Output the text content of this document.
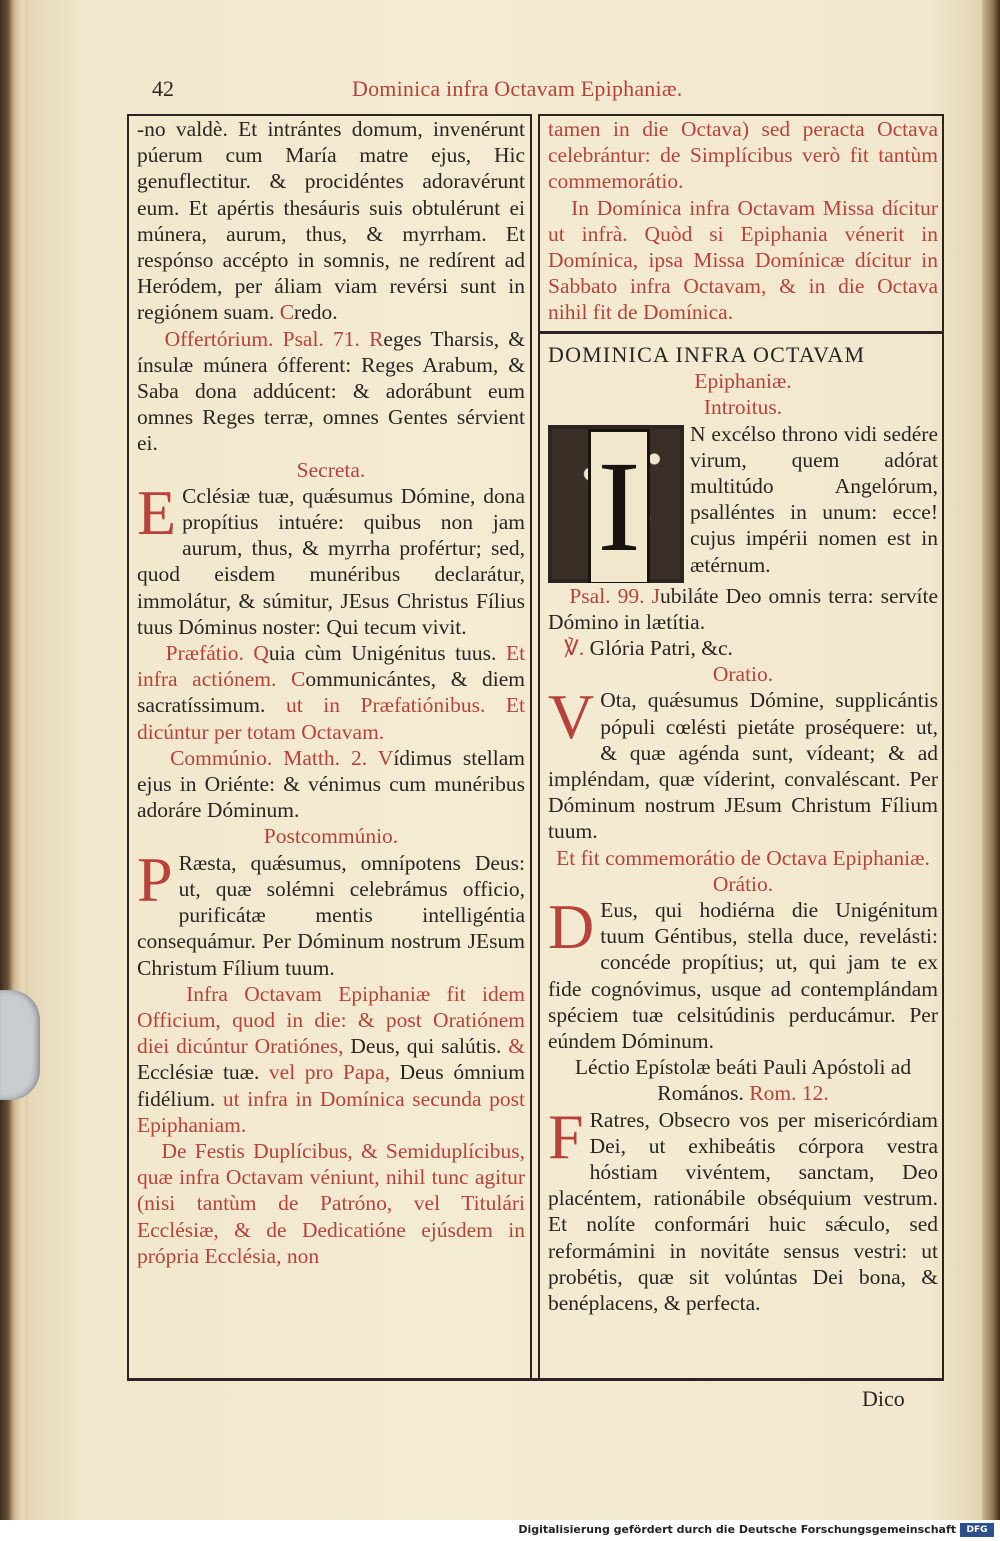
42	Dominica infra Octavam Epiphaniæ.

-no valdè. Et intrántes domum, invenérunt púerum cum María matre ejus, Hic genuflectitur. & procidéntes adoravérunt eum. Et apértis thesáuris suis obtulérunt ei múnera, aurum, thus, & myrrham. Et respónso accépto in somnis, ne redírent ad Heródem, per áliam viam revérsi sunt in regiónem suam. Credo.

Offertórium. Psal. 71. Reges Tharsis, & ínsulæ múnera ófferent: Reges Arabum, & Saba dona addúcent: & adorábunt eum omnes Reges terræ, omnes Gentes sérvient ei.

Secreta.

E Cclésiæ tuæ, quǽsumus Dómine, dona propítius intuére: quibus non jam aurum, thus, & myrrha profértur; sed, quod eisdem munéribus declarátur, immolátur, & súmitur, JEsus Christus Fílius tuus Dóminus noster: Qui tecum vivit.

Præfátio. Quia cùm Unigénitus tuus. Et infra actiónem. Communicántes, & diem sacratíssimum. ut in Præfatiónibus. Et dicúntur per totam Octavam.

Commúnio. Matth. 2. Vídimus stellam ejus in Oriénte: & vénimus cum munéribus adoráre Dóminum.

Postcommúnio.

P Ræsta, quǽsumus, omnípotens Deus: ut, quæ solémni celebrámus officio, purificátæ mentis intelligéntia consequámur. Per Dóminum nostrum JEsum Christum Fílium tuum.

Infra Octavam Epiphaniæ fit idem Officium, quod in die: & post Oratiónem diei dicúntur Oratiónes, Deus, qui salútis. & Ecclésiæ tuæ. vel pro Papa, Deus ómnium fidélium. ut infra in Domínica secunda post Epiphaniam.

De Festis Duplícibus, & Semiduplícibus, quæ infra Octavam véniunt, nihil tunc agitur (nisi tantùm de Patróno, vel Titulári Ecclésiæ, & de Dedicatióne ejúsdem in própria Ecclésia, non

tamen in die Octava) sed peracta Octava celebrántur: de Simplícibus verò fit tantùm commemorátio.

In Domínica infra Octavam Missa dícitur ut infrà. Quòd si Epiphania vénerit in Domínica, ipsa Missa Domínicæ dícitur in Sabbato infra Octavam, & in die Octava nihil fit de Domínica.

DOMINICA INFRA OCTAVAM

Epiphaniæ.

Introitus.

I
N excélso throno vidi sedére virum, quem adórat multitúdo Angelórum, psalléntes in unum: ecce! cujus impérii nomen est in ætérnum.

Psal. 99. Jubiláte Deo omnis terra: servíte Dómino in lætítia.

℣. Glória Patri, &c.

Oratio.

V Ota, quǽsumus Dómine, supplicántis pópuli cœlésti pietáte proséquere: ut, & quæ agénda sunt, vídeant; & ad impléndam, quæ víderint, convaléscant. Per Dóminum nostrum JEsum Christum Fílium tuum.

Et fit commemorátio de Octava Epiphaniæ.

Orátio.

D Eus, qui hodiérna die Unigénitum tuum Géntibus, stella duce, revelásti: concéde propítius; ut, qui jam te ex fide cognóvimus, usque ad contemplándam spéciem tuæ celsitúdinis perducámur. Per eúndem Dóminum.

Léctio Epístolæ beáti Pauli Apóstoli ad Romános. Rom. 12.

F Ratres, Obsecro vos per misericórdiam Dei, ut exhibeátis córpora vestra hóstiam vivéntem, sanctam, Deo placéntem, rationábile obséquium vestrum. Et nolíte conformári huic sǽculo, sed reformámini in novitáte sensus vestri: ut probétis, quæ sit volúntas Dei bona, & benéplacens, & perfecta.

Dico
Digitalisierung gefördert durch die Deutsche Forschungsgemeinschaft	DFG
